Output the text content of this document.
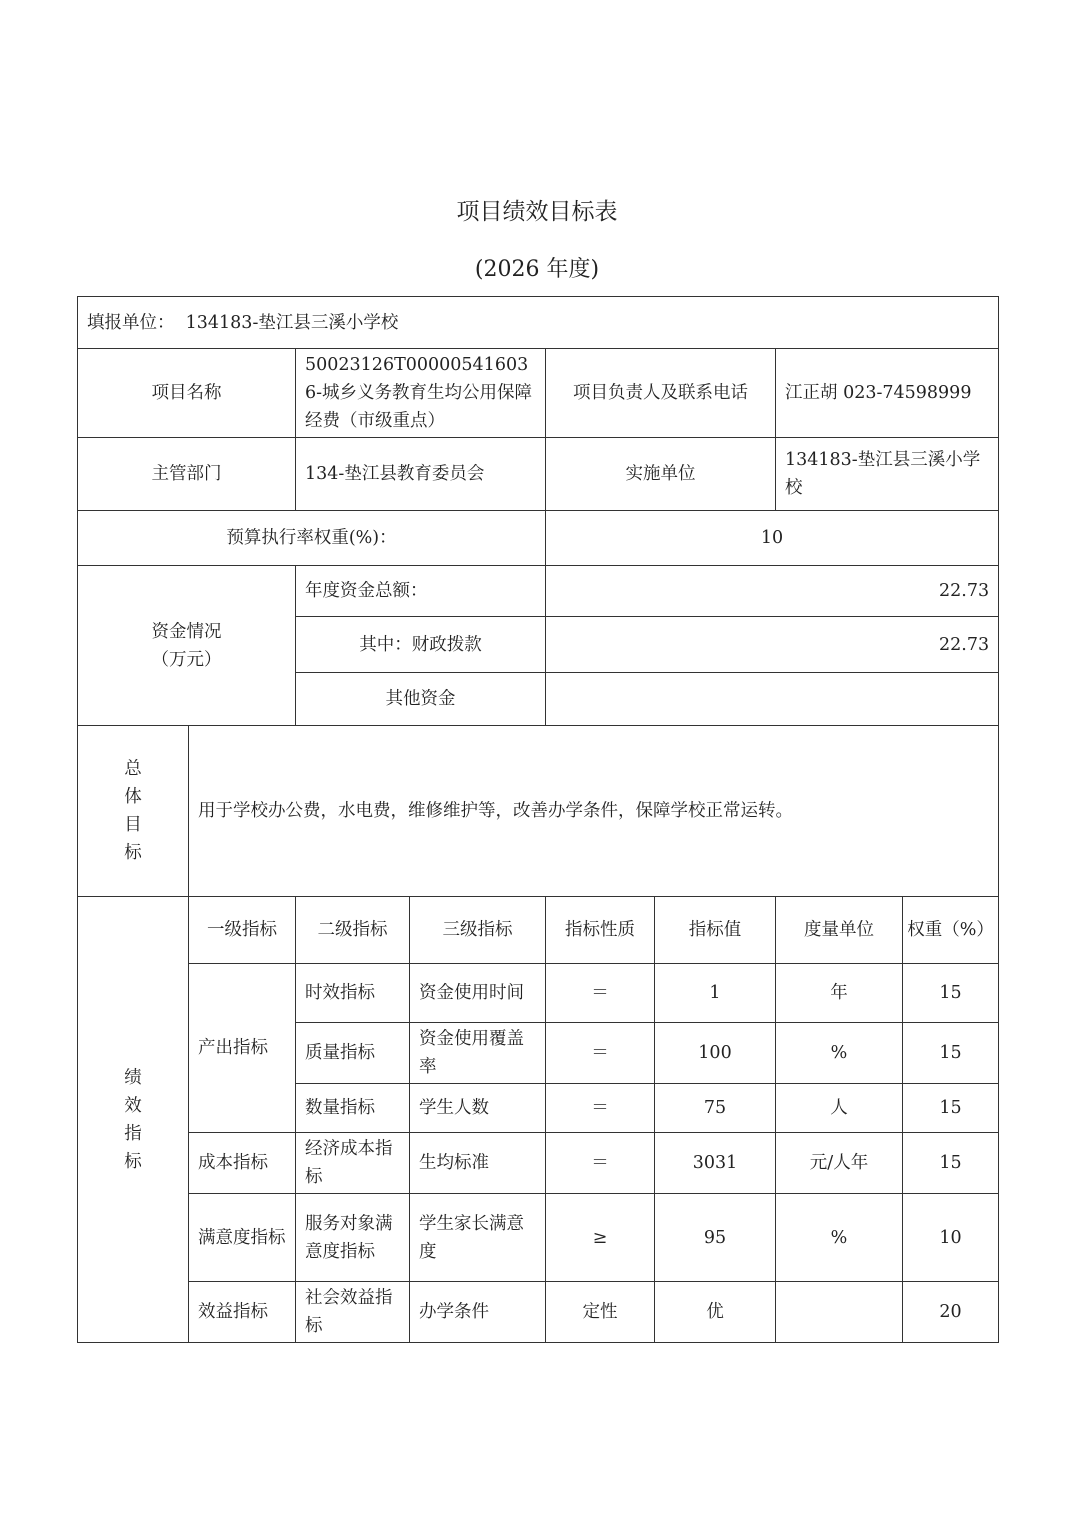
项目绩效目标表
(2026 年度)
填报单位： 134183-垫江县三溪小学校							
项目名称		50023126T000005416036-城乡义务教育生均公用保障经费（市级重点）		项目负责人及联系电话		江正胡 023-74598999	
主管部门		134-垫江县教育委员会		实施单位		134183-垫江县三溪小学校	
预算执行率权重(%)：				10			

资金情况
（万元）		年度资金总额：		22.73			
		其中：财政拨款		22.73			
		其他资金					

总
体
目
标	用于学校办公费，水电费，维修维护等，改善办学条件，保障学校正常运转。						

绩
效
指
标	一级指标	二级指标	三级指标	指标性质	指标值	度量单位	权重（%）
	产出指标	时效指标	资金使用时间	＝	1	年	15
		质量指标	资金使用覆盖率	＝	100	%	15
		数量指标	学生人数	＝	75	人	15
	成本指标	经济成本指标	生均标准	＝	3031	元/人年	15
	满意度指标	服务对象满意度指标	学生家长满意度	≥	95	%	10
	效益指标	社会效益指标	办学条件	定性	优		20
